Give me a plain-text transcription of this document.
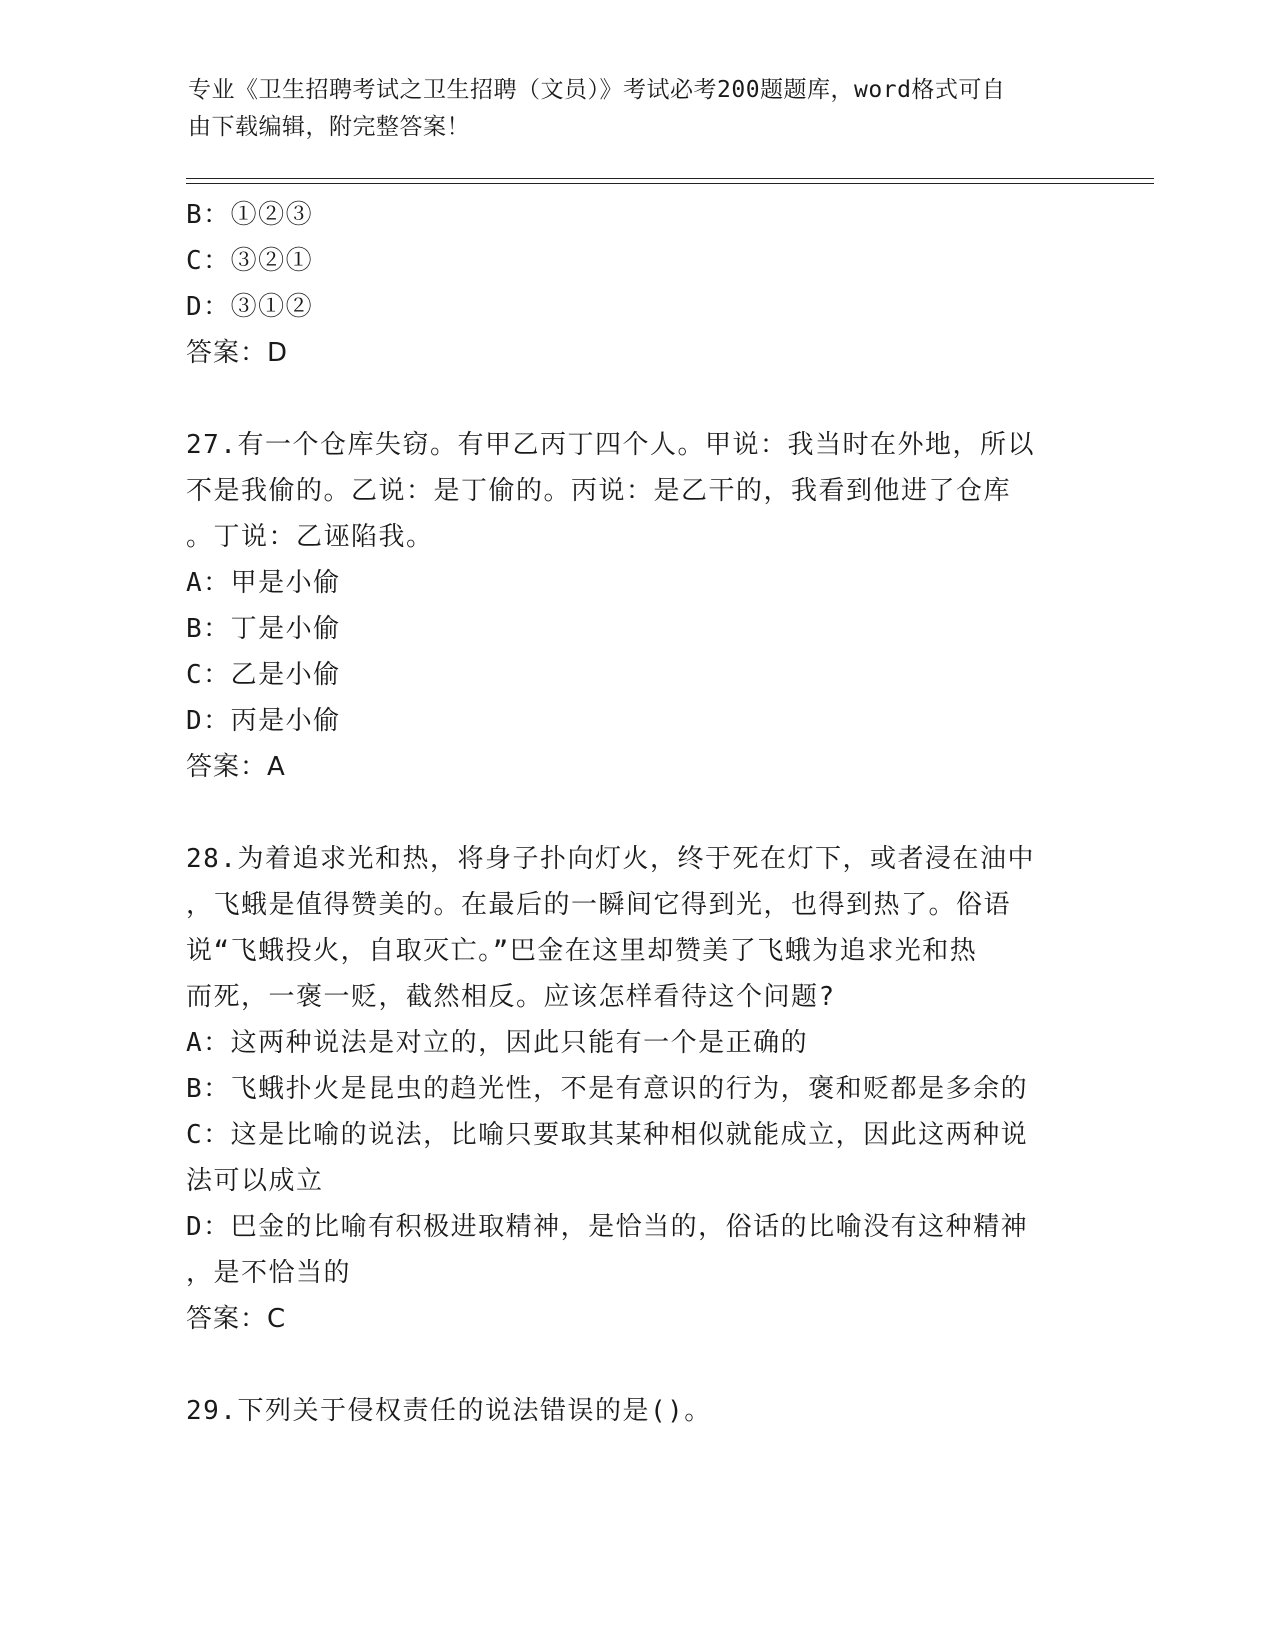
专业《卫生招聘考试之卫生招聘（文员）》考试必考200题题库，word格式可自
由下载编辑，附完整答案！
B：①②③
C：③②①
D：③①②
答案：D
27.有一个仓库失窃。有甲乙丙丁四个人。甲说：我当时在外地，所以
不是我偷的。乙说：是丁偷的。丙说：是乙干的，我看到他进了仓库
。丁说：乙诬陷我。
A：甲是小偷
B：丁是小偷
C：乙是小偷
D：丙是小偷
答案：A
28.为着追求光和热，将身子扑向灯火，终于死在灯下，或者浸在油中
，飞蛾是值得赞美的。在最后的一瞬间它得到光，也得到热了。俗语
说“飞蛾投火，自取灭亡。”巴金在这里却赞美了飞蛾为追求光和热
而死，一褒一贬，截然相反。应该怎样看待这个问题?
A：这两种说法是对立的，因此只能有一个是正确的
B：飞蛾扑火是昆虫的趋光性，不是有意识的行为，褒和贬都是多余的
C：这是比喻的说法，比喻只要取其某种相似就能成立，因此这两种说
法可以成立
D：巴金的比喻有积极进取精神，是恰当的，俗话的比喻没有这种精神
，是不恰当的
答案：C
29.下列关于侵权责任的说法错误的是()。
